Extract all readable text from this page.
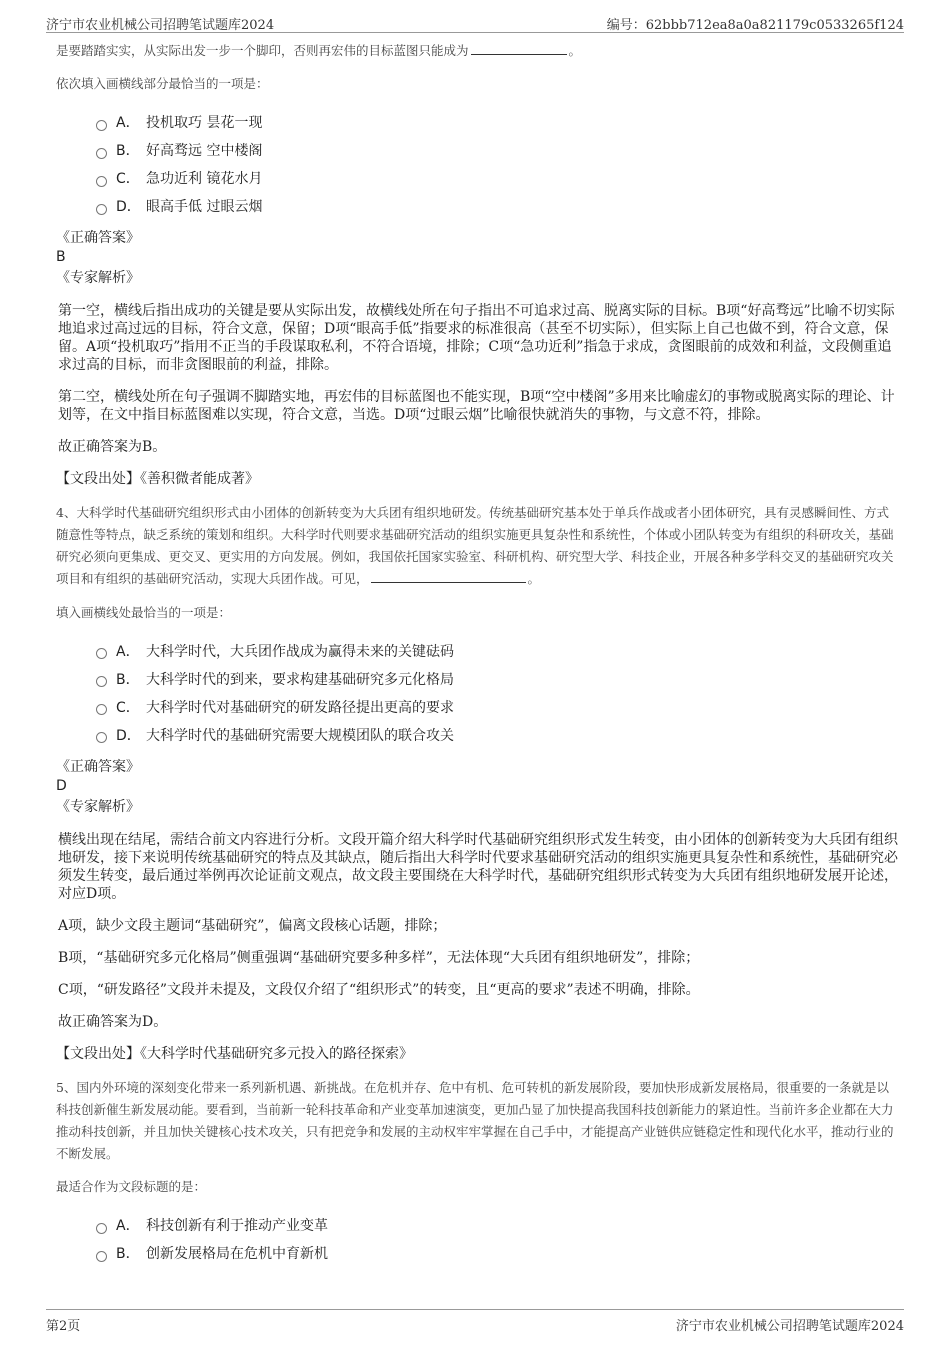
济宁市农业机械公司招聘笔试题库2024	编号：62bbb712ea8a0a821179c0533265f124

是要踏踏实实，从实际出发一步一个脚印，否则再宏伟的目标蓝图只能成为	。

依次填入画横线部分最恰当的一项是：

A． 投机取巧 昙花一现
B． 好高骛远 空中楼阁
C． 急功近利 镜花水月
D． 眼高手低 过眼云烟
《正确答案》
B
《专家解析》

第一空，横线后指出成功的关键是要从实际出发，故横线处所在句子指出不可追求过高、脱离实际的目标。B项“好高骛远”比喻不切实际地追求过高过远的目标，符合文意，保留；D项“眼高手低”指要求的标准很高（甚至不切实际），但实际上自己也做不到，符合文意，保留。A项“投机取巧”指用不正当的手段谋取私利，不符合语境，排除；C项“急功近利”指急于求成，贪图眼前的成效和利益，文段侧重追求过高的目标，而非贪图眼前的利益，排除。

第二空，横线处所在句子强调不脚踏实地，再宏伟的目标蓝图也不能实现，B项“空中楼阁”多用来比喻虚幻的事物或脱离实际的理论、计划等，在文中指目标蓝图难以实现，符合文意，当选。D项“过眼云烟”比喻很快就消失的事物，与文意不符，排除。

故正确答案为B。

【文段出处】《善积微者能成著》

4、大科学时代基础研究组织形式由小团体的创新转变为大兵团有组织地研发。传统基础研究基本处于单兵作战或者小团体研究，具有灵感瞬间性、方式随意性等特点，缺乏系统的策划和组织。大科学时代则要求基础研究活动的组织实施更具复杂性和系统性，个体或小团队转变为有组织的科研攻关，基础研究必须向更集成、更交叉、更实用的方向发展。例如，我国依托国家实验室、科研机构、研究型大学、科技企业，开展各种多学科交叉的基础研究攻关项目和有组织的基础研究活动，实现大兵团作战。可见，	。

填入画横线处最恰当的一项是：

A． 大科学时代，大兵团作战成为赢得未来的关键砝码
B． 大科学时代的到来，要求构建基础研究多元化格局
C． 大科学时代对基础研究的研发路径提出更高的要求
D． 大科学时代的基础研究需要大规模团队的联合攻关
《正确答案》
D
《专家解析》

横线出现在结尾，需结合前文内容进行分析。文段开篇介绍大科学时代基础研究组织形式发生转变，由小团体的创新转变为大兵团有组织地研发，接下来说明传统基础研究的特点及其缺点，随后指出大科学时代要求基础研究活动的组织实施更具复杂性和系统性，基础研究必须发生转变，最后通过举例再次论证前文观点，故文段主要围绕在大科学时代，基础研究组织形式转变为大兵团有组织地研发展开论述，对应D项。

A项，缺少文段主题词“基础研究”，偏离文段核心话题，排除；

B项，“基础研究多元化格局”侧重强调“基础研究要多种多样”，无法体现“大兵团有组织地研发”，排除；

C项，“研发路径”文段并未提及，文段仅介绍了“组织形式”的转变，且“更高的要求”表述不明确，排除。

故正确答案为D。

【文段出处】《大科学时代基础研究多元投入的路径探索》

5、国内外环境的深刻变化带来一系列新机遇、新挑战。在危机并存、危中有机、危可转机的新发展阶段，要加快形成新发展格局，很重要的一条就是以科技创新催生新发展动能。要看到，当前新一轮科技革命和产业变革加速演变，更加凸显了加快提高我国科技创新能力的紧迫性。当前许多企业都在大力推动科技创新，并且加快关键核心技术攻关，只有把竞争和发展的主动权牢牢掌握在自己手中，才能提高产业链供应链稳定性和现代化水平，推动行业的不断发展。

最适合作为文段标题的是：

A． 科技创新有利于推动产业变革
B． 创新发展格局在危机中育新机
第2页	济宁市农业机械公司招聘笔试题库2024
